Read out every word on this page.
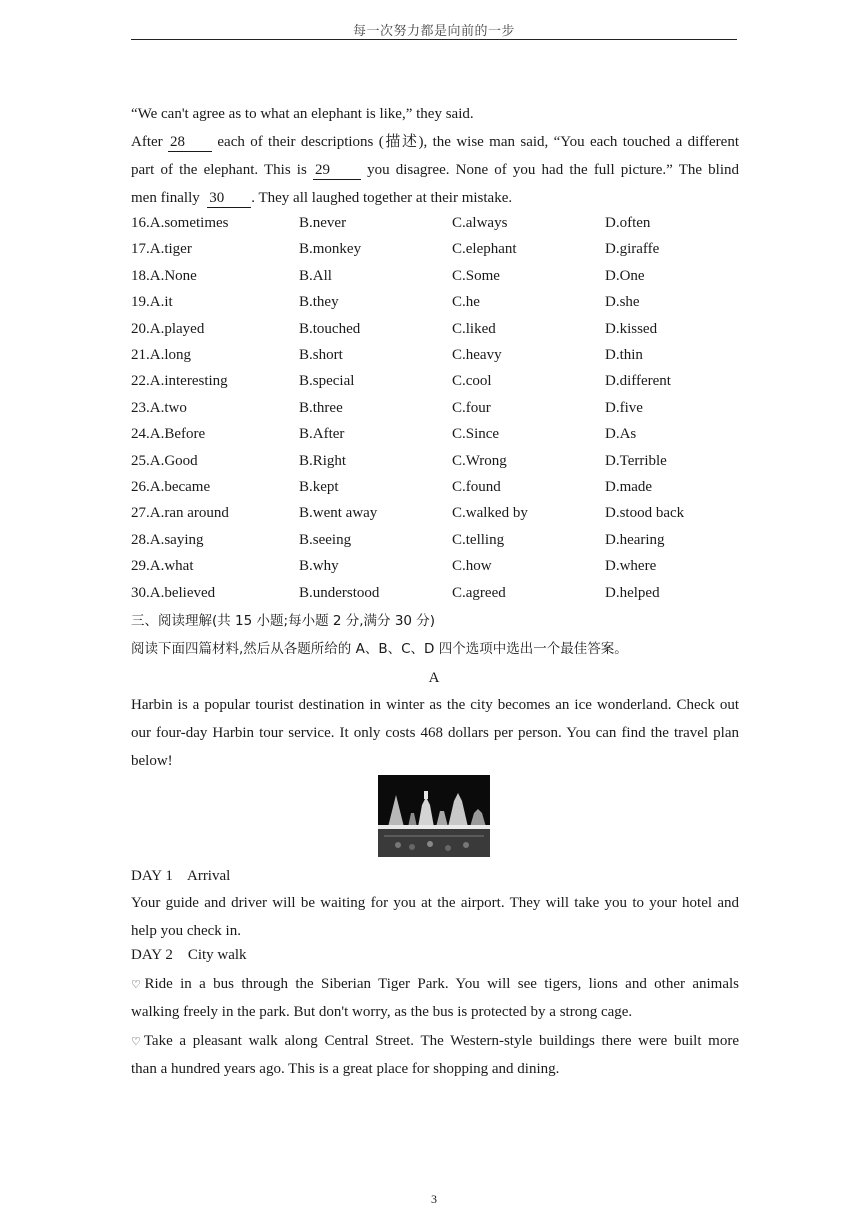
每一次努力都是向前的一步
“We can't agree as to what an elephant is like,” they said.
After 28 each of their descriptions (描述), the wise man said, “You each touched a different
part of the elephant. This is 29 you disagree. None of you had the full picture.” The blind
men finally 30 . They all laughed together at their mistake.
16.A.sometimes	B.never	C.always	D.often
17.A.tiger	B.monkey	C.elephant	D.giraffe
18.A.None	B.All	C.Some	D.One
19.A.it	B.they	C.he	D.she
20.A.played	B.touched	C.liked	D.kissed
21.A.long	B.short	C.heavy	D.thin
22.A.interesting	B.special	C.cool	D.different
23.A.two	B.three	C.four	D.five
24.A.Before	B.After	C.Since	D.As
25.A.Good	B.Right	C.Wrong	D.Terrible
26.A.became	B.kept	C.found	D.made
27.A.ran around	B.went away	C.walked by	D.stood back
28.A.saying	B.seeing	C.telling	D.hearing
29.A.what	B.why	C.how	D.where
30.A.believed	B.understood	C.agreed	D.helped
三、阅读理解(共 15 小题;每小题 2 分,满分 30 分)
阅读下面四篇材料,然后从各题所给的 A、B、C、D 四个选项中选出一个最佳答案。
A
Harbin is a popular tourist destination in winter as the city becomes an ice wonderland. Check out
our four-day Harbin tour service. It only costs 468 dollars per person. You can find the travel plan
below!
DAY 1    Arrival
Your guide and driver will be waiting for you at the airport. They will take you to your hotel and
help you check in.
DAY 2    City walk
♡Ride in a bus through the Siberian Tiger Park. You will see tigers, lions and other animals
walking freely in the park. But don't worry, as the bus is protected by a strong cage.
♡Take a pleasant walk along Central Street. The Western-style buildings there were built more
than a hundred years ago. This is a great place for shopping and dining.
3
